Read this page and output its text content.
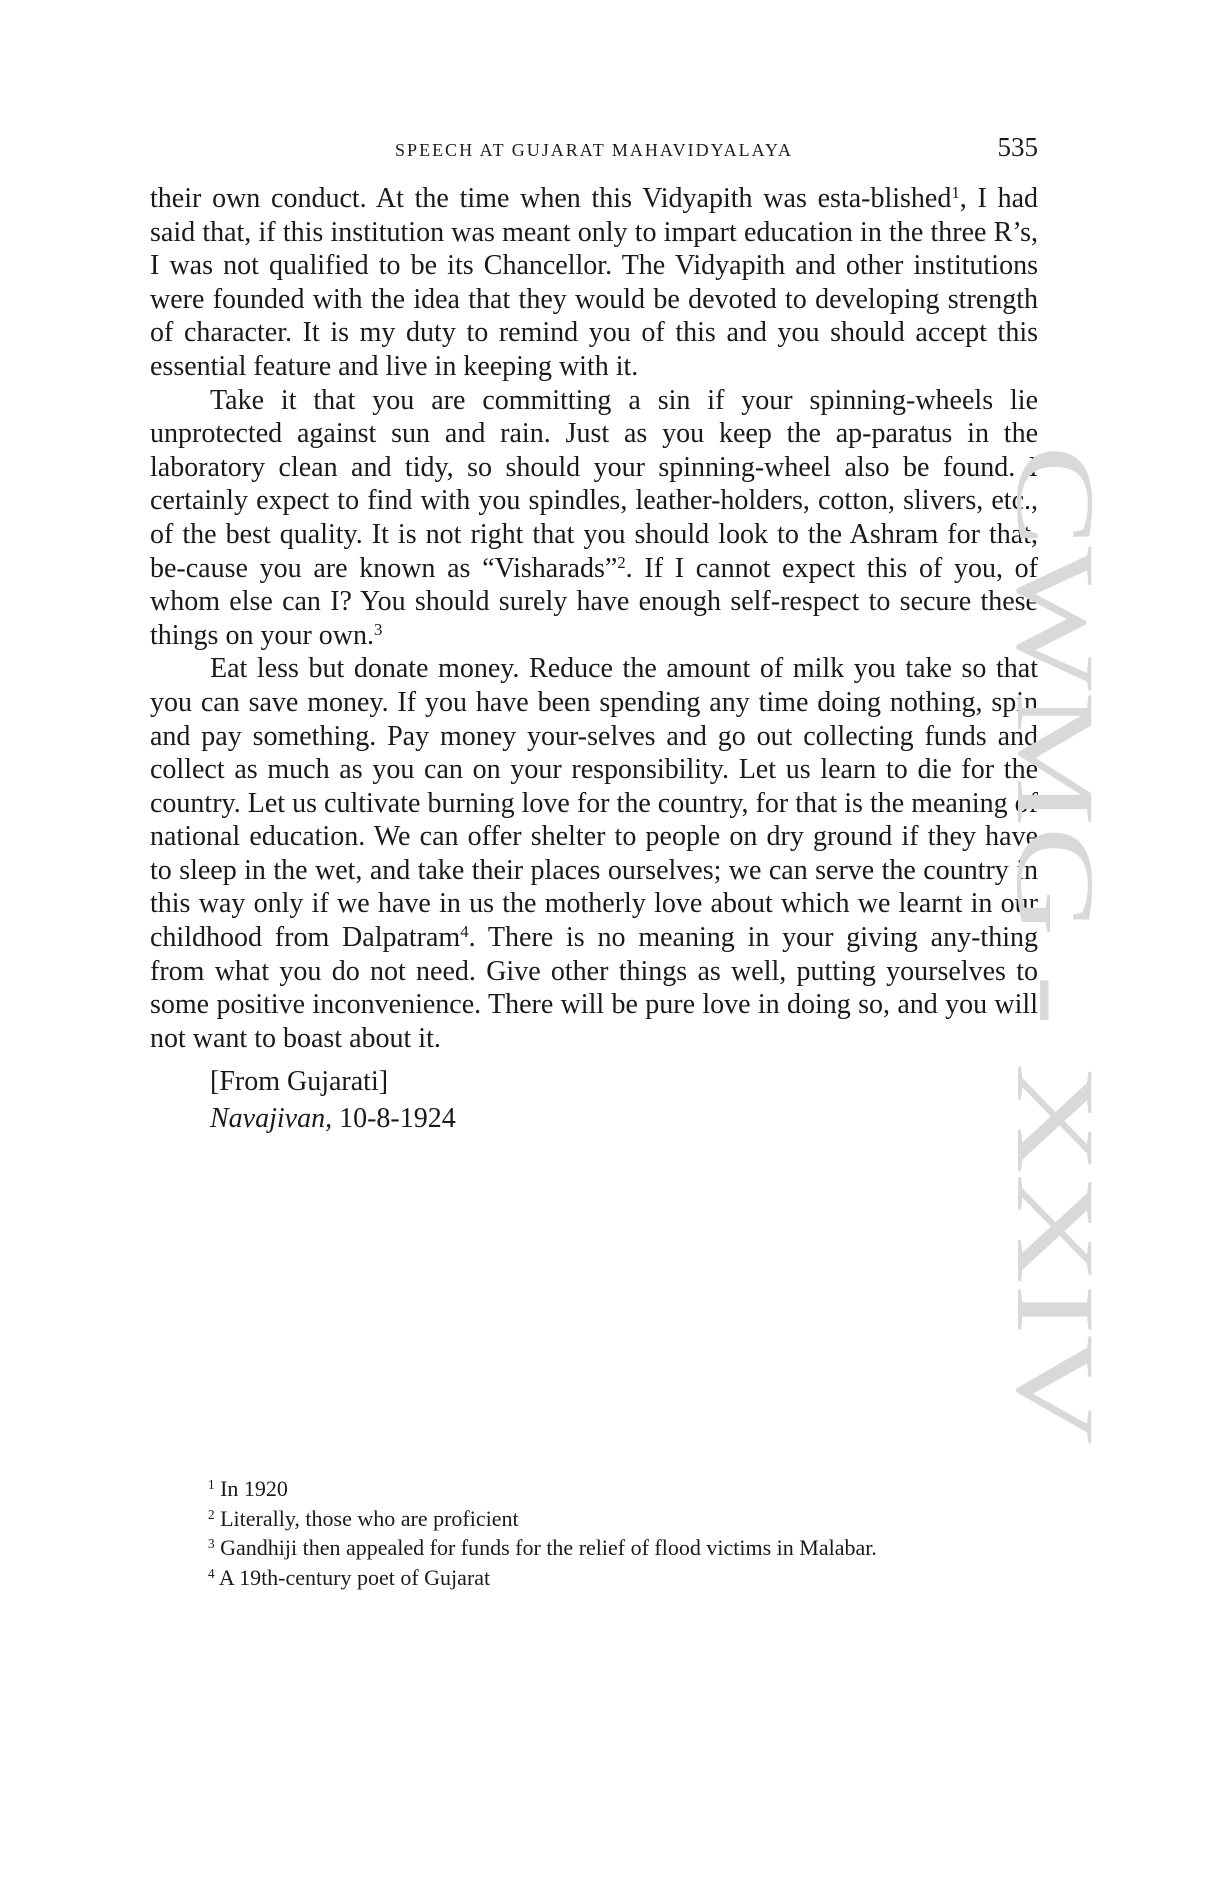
SPEECH AT GUJARAT MAHAVIDYALAYA	535

their own conduct. At the time when this Vidyapith was esta-blished$^1$, I had said that, if this institution was meant only to impart education in the three R’s, I was not qualified to be its Chancellor. The Vidyapith and other institutions were founded with the idea that they would be devoted to developing strength of character. It is my duty to remind you of this and you should accept this essential feature and live in keeping with it.

Take it that you are committing a sin if your spinning-wheels lie unprotected against sun and rain. Just as you keep the ap-paratus in the laboratory clean and tidy, so should your spinning-wheel also be found. I certainly expect to find with you spindles, leather-holders, cotton, slivers, etc., of the best quality. It is not right that you should look to the Ashram for that, be-cause you are known as “Visharads”$^2$. If I cannot expect this of you, of whom else can I? You should surely have enough self-respect to secure these things on your own.$^3$

Eat less but donate money. Reduce the amount of milk you take so that you can save money. If you have been spending any time doing nothing, spin and pay something. Pay money your-selves and go out collecting funds and collect as much as you can on your responsibility. Let us learn to die for the country. Let us cultivate burning love for the country, for that is the meaning of national education. We can offer shelter to people on dry ground if they have to sleep in the wet, and take their places ourselves; we can serve the country in this way only if we have in us the motherly love about which we learnt in our childhood from Dalpatram$^4$. There is no meaning in your giving any-thing from what you do not need. Give other things as well, putting yourselves to some positive inconvenience. There will be pure love in doing so, and you will not want to boast about it.

[From Gujarati]
Navajivan, 10-8-1924

$^1$ In 1920

$^2$ Literally, those who are proficient

$^3$ Gandhiji then appealed for funds for the relief of flood victims in Malabar.

$^4$ A 19th-century poet of Gujarat

CWMG - XXIV
